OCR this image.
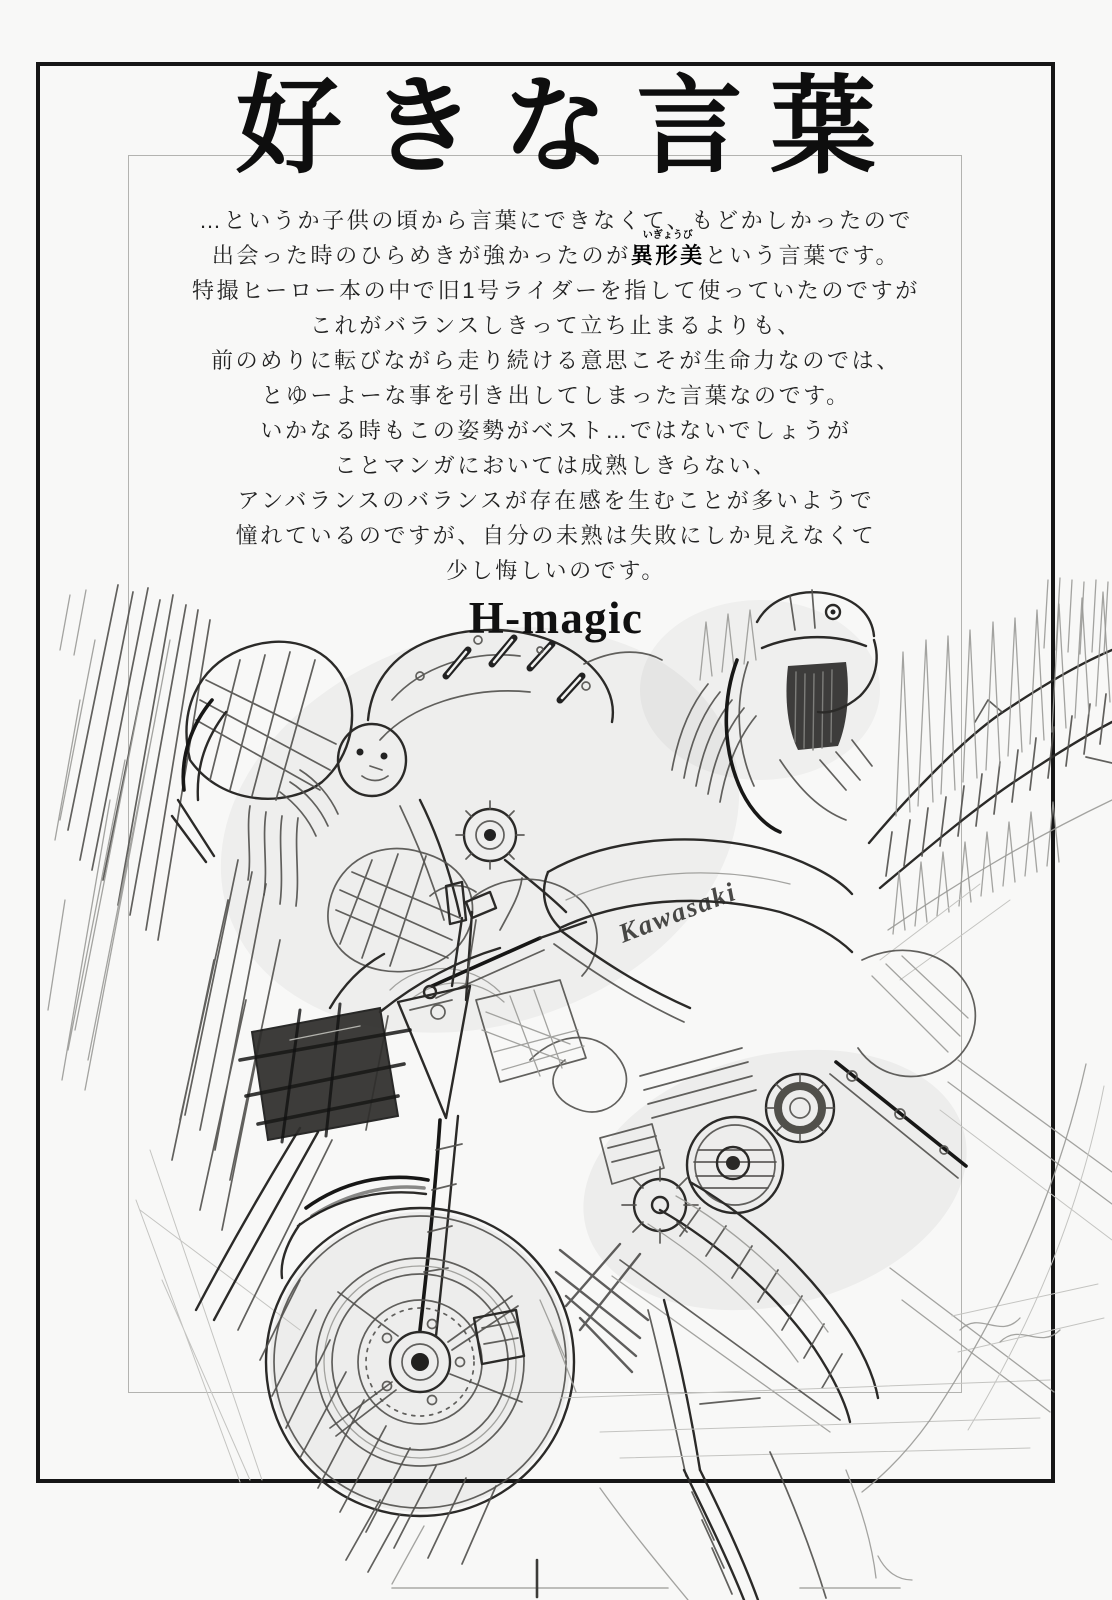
Kawasaki
好きな言葉
…というか子供の頃から言葉にできなくて、もどかしかったので
出会った時のひらめきが強かったのが
いぎょうび
異形美という言葉です。
特撮ヒーロー本の中で旧1号ライダーを指して使っていたのですが
これがバランスしきって立ち止まるよりも、
前のめりに転びながら走り続ける意思こそが生命力なのでは、
とゆーよーな事を引き出してしまった言葉なのです。
いかなる時もこの姿勢がベスト…ではないでしょうが
ことマンガにおいては成熟しきらない、
アンバランスのバランスが存在感を生むことが多いようで
憧れているのですが、自分の未熟は失敗にしか見えなくて
少し悔しいのです。
H-magic
